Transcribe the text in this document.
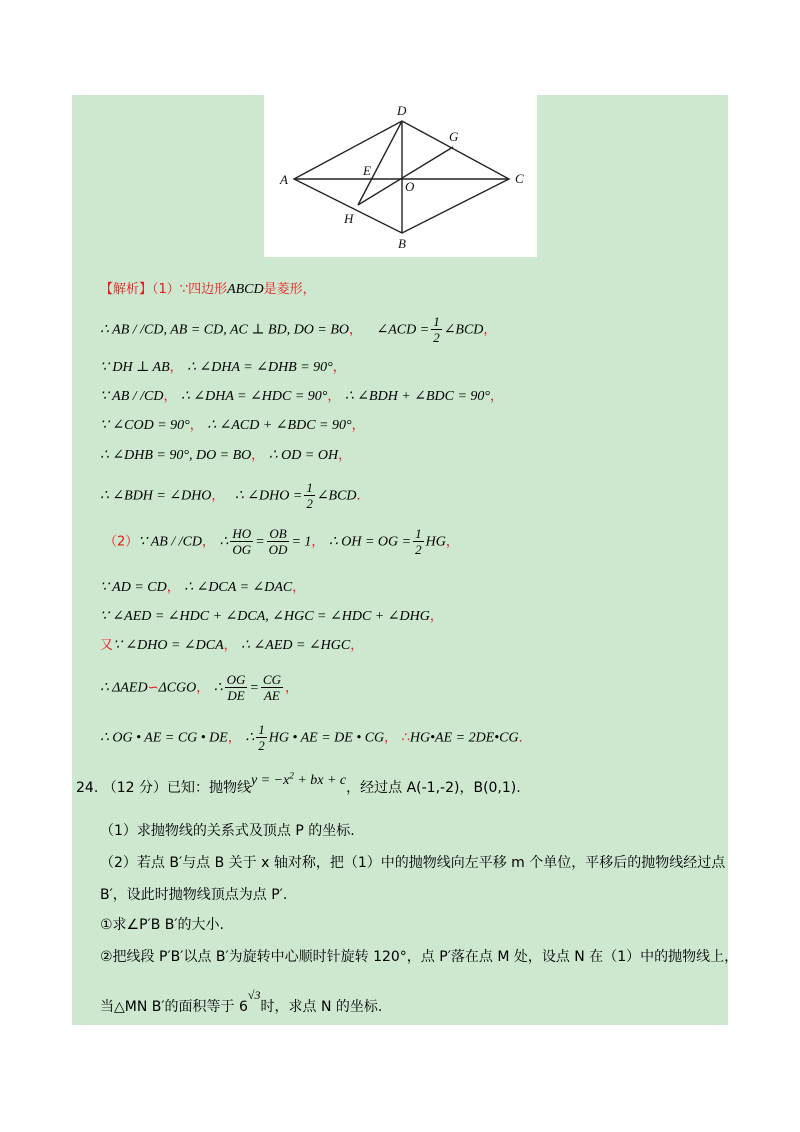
D
G
E
O
A	C
H
B
【解析】（1）∵四边形ABCD是菱形，
∴ AB / /CD, AB = CD, AC ⊥ BD, DO = BO， ∠ACD = $\frac{1}{2}$ ∠BCD，
∵ DH ⊥ AB， ∴ ∠DHA = ∠DHB = 90°，
∵ AB / /CD， ∴ ∠DHA = ∠HDC = 90°， ∴ ∠BDH + ∠BDC = 90°，
∵ ∠COD = 90°， ∴ ∠ACD + ∠BDC = 90°，
∴ ∠DHB = 90°, DO = BO， ∴ OD = OH，
∴ ∠BDH = ∠DHO， ∴ ∠DHO = $\frac{1}{2}$ ∠BCD．
（2）∵ AB / /CD， ∴ $\frac{HO}{OG} = \frac{OB}{OD} = 1$， ∴ OH = OG = $\frac{1}{2}$ HG，
∵ AD = CD， ∴ ∠DCA = ∠DAC，
∵ ∠AED = ∠HDC + ∠DCA, ∠HGC = ∠HDC + ∠DHG，
又∵ ∠DHO = ∠DCA， ∴ ∠AED = ∠HGC，
∴ ΔAED∽ΔCGO， ∴ $\frac{OG}{DE} = \frac{CG}{AE}$ ，
∴ OG • AE = CG • DE， ∴ $\frac{1}{2}$ HG • AE = DE • CG， ∴HG•AE = 2DE•CG．
24. （12 分）已知：抛物线$y = -x^2$ + bx + c，经过点 A(-1,-2)，B(0,1).
（1）求抛物线的关系式及顶点 P 的坐标.
（2）若点 B′与点 B 关于 x 轴对称，把（1）中的抛物线向左平移 m 个单位，平移后的抛物线经过点
B′，设此时抛物线顶点为点 P′.
①求∠P′B B′的大小.
②把线段 P′B′以点 B′为旋转中心顺时针旋转 120°，点 P′落在点 M 处，设点 N 在（1）中的抛物线上，
当△MN B′的面积等于 6√3时，求点 N 的坐标.
